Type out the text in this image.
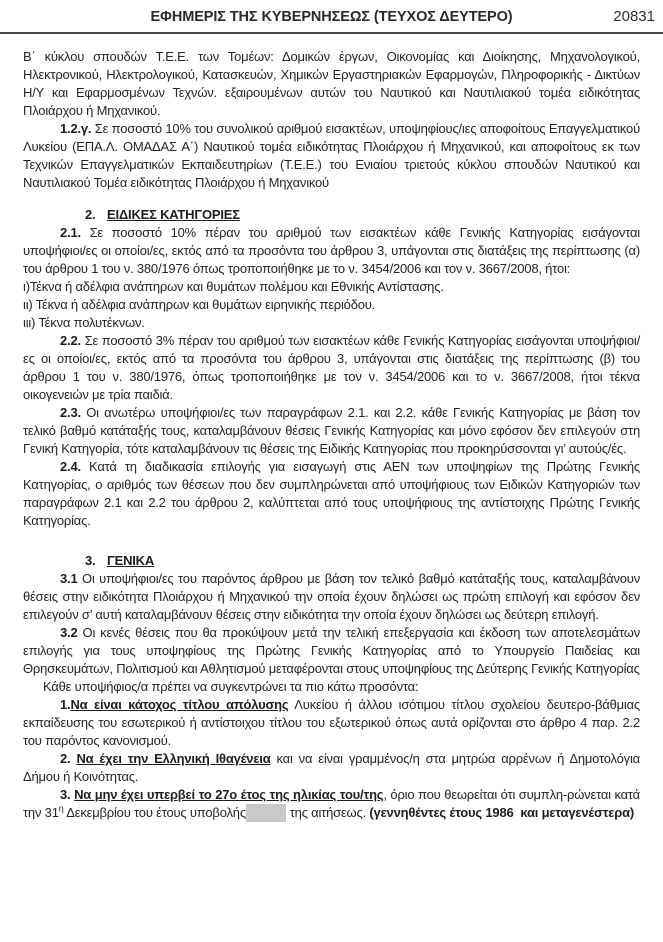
ΕΦΗΜΕΡΙΣ ΤΗΣ ΚΥΒΕΡΝΗΣΕΩΣ (ΤΕΥΧΟΣ ΔΕΥΤΕΡΟ)	20831

Β΄ κύκλου σπουδών Τ.Ε.Ε. των Τομέων: Δομικών έργων, Οικονομίας και Διοίκησης, Μηχανολογικού, Ηλεκτρονικού, Ηλεκτρολογικού, Κατασκευών, Χημικών Εργαστηριακών Εφαρμογών, Πληροφορικής - Δικτύων Η/Υ και Εφαρμοσμένων Τεχνών. εξαιρουμένων αυτών του Ναυτικού και Ναυτιλιακού τομέα ειδικότητας Πλοιάρχου ή Μηχανικού.

1.2.γ. Σε ποσοστό 10% του συνολικού αριθμού εισακτέων, υποψηφίους/ιες αποφοίτους Επαγγελματικού Λυκείου (ΕΠΑ.Λ. ΟΜΑΔΑΣ Α΄) Ναυτικού τομέα ειδικότητας Πλοιάρχου ή Μηχανικού, και αποφοίτους εκ των Τεχνικών Επαγγελματικών Εκπαιδευτηρίων (Τ.Ε.Ε.) του Ενιαίου τριετούς κύκλου σπουδών Ναυτικού και Ναυτιλιακού Τομέα ειδικότητας Πλοιάρχου ή Μηχανικού

2. ΕΙΔΙΚΕΣ ΚΑΤΗΓΟΡΙΕΣ

2.1. Σε ποσοστό 10% πέραν του αριθμού των εισακτέων κάθε Γενικής Κατηγορίας εισάγονται υποψήφιοι/ες οι οποίοι/ες, εκτός από τα προσόντα του άρθρου 3, υπάγονται στις διατάξεις της περίπτωσης (α) του άρθρου 1 του ν. 380/1976 όπως τροποποιήθηκε με το ν. 3454/2006 και τον ν. 3667/2008, ήτοι:

ι)Τέκνα ή αδέλφια ανάπηρων και θυμάτων πολέμου και Εθνικής Αντίστασης.

ιι) Τέκνα ή αδέλφια ανάπηρων και θυμάτων ειρηνικής περιόδου.

ιιι) Τέκνα πολυτέκνων.

2.2. Σε ποσοστό 3% πέραν του αριθμού των εισακτέων κάθε Γενικής Κατηγορίας εισάγονται υποψήφιοι/ες οι οποίοι/ες, εκτός από τα προσόντα του άρθρου 3, υπάγονται στις διατάξεις της περίπτωσης (β) του άρθρου 1 του ν. 380/1976, όπως τροποποιήθηκε με τον ν. 3454/2006 και το ν. 3667/2008, ήτοι τέκνα οικογενειών με τρία παιδιά.

2.3. Οι ανωτέρω υποψήφιοι/ες των παραγράφων 2.1. και 2.2. κάθε Γενικής Κατηγορίας με βάση τον τελικό βαθμό κατάταξής τους, καταλαμβάνουν θέσεις Γενικής Κατηγορίας και μόνο εφόσον δεν επιλεγούν στη Γενική Κατηγορία, τότε καταλαμβάνουν τις θέσεις της Ειδικής Κατηγορίας που προκηρύσσονται γι’ αυτούς/ές.

2.4. Κατά τη διαδικασία επιλογής για εισαγωγή στις ΑΕΝ των υποψηφίων της Πρώτης Γενικής Κατηγορίας, ο αριθμός των θέσεων που δεν συμπληρώνεται από υποψήφιους των Ειδικών Κατηγοριών των παραγράφων 2.1 και 2.2 του άρθρου 2, καλύπτεται από τους υποψήφιους της αντίστοιχης Πρώτης Γενικής Κατηγορίας.

3. ΓΕΝΙΚΑ

3.1 Οι υποψήφιοι/ες του παρόντος άρθρου με βάση τον τελικό βαθμό κατάταξής τους, καταλαμβάνουν θέσεις στην ειδικότητα Πλοιάρχου ή Μηχανικού την οποία έχουν δηλώσει ως πρώτη επιλογή και εφόσον δεν επιλεγούν σ’ αυτή καταλαμβάνουν θέσεις στην ειδικότητα την οποία έχουν δηλώσει ως δεύτερη επιλογή.

3.2 Οι κενές θέσεις που θα προκύψουν μετά την τελική επεξεργασία και έκδοση των αποτελεσμάτων επιλογής για τους υποψηφίους της Πρώτης Γενικής Κατηγορίας από το Υπουργείο Παιδείας και Θρησκευμάτων, Πολιτισμού και Αθλητισμού μεταφέρονται στους υποψηφίους της Δεύτερης Γενικής Κατηγορίας

Κάθε υποψήφιος/α πρέπει να συγκεντρώνει τα πιο κάτω προσόντα:

1.Να είναι κάτοχος τίτλου απόλυσης Λυκείου ή άλλου ισότιμου τίτλου σχολείου δευτερο-βάθμιας εκπαίδευσης του εσωτερικού ή αντίστοιχου τίτλου του εξωτερικού όπως αυτά ορίζονται στο άρθρο 4 παρ. 2.2 του παρόντος κανονισμού.

2. Να έχει την Ελληνική Ιθαγένεια και να είναι γραμμένος/η στα μητρώα αρρένων ή Δημοτολόγια Δήμου ή Κοινότητας.

3. Να μην έχει υπερβεί το 27ο έτος της ηλικίας του/της, όριο που θεωρείται ότι συμπλη-ρώνεται κατά την $31^\eta$ Δεκεμβρίου του έτους υποβολής	της αιτήσεως. (γεννηθέντες έτους 1986  και μεταγενέστερα)
